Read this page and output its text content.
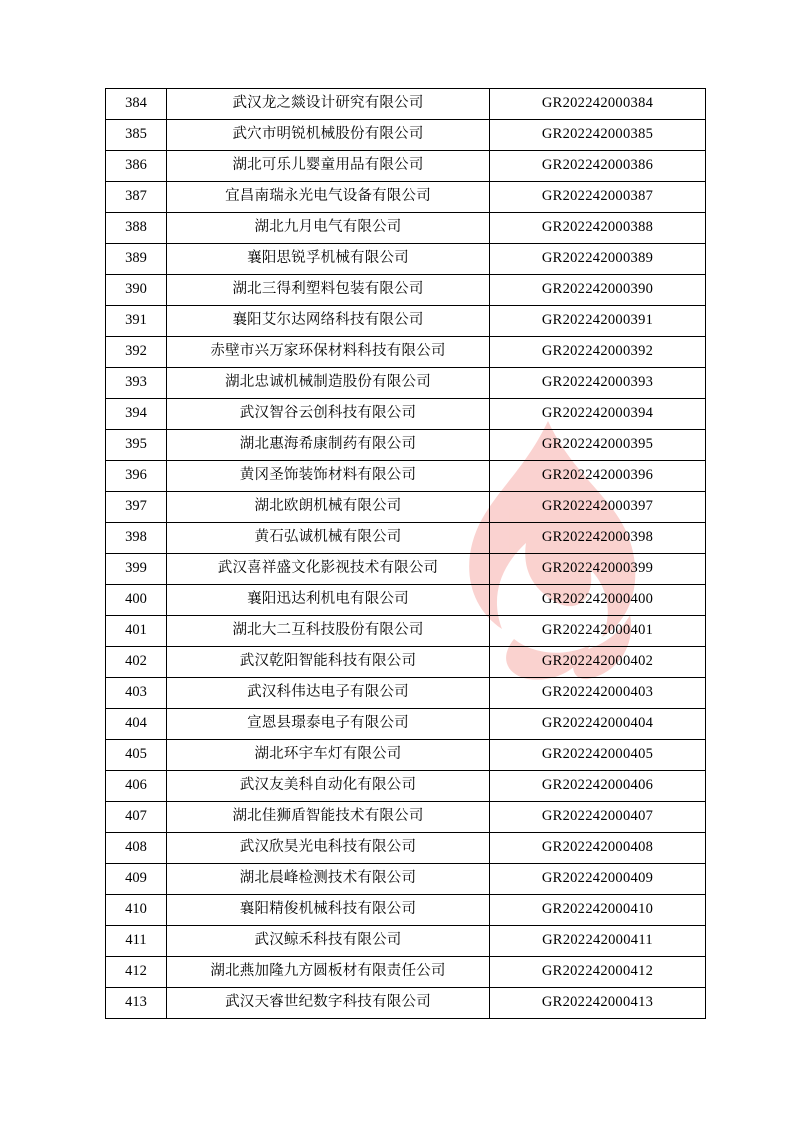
384	武汉龙之燚设计研究有限公司	GR202242000384
385	武穴市明锐机械股份有限公司	GR202242000385
386	湖北可乐儿婴童用品有限公司	GR202242000386
387	宜昌南瑞永光电气设备有限公司	GR202242000387
388	湖北九月电气有限公司	GR202242000388
389	襄阳思锐孚机械有限公司	GR202242000389
390	湖北三得利塑料包装有限公司	GR202242000390
391	襄阳艾尔达网络科技有限公司	GR202242000391
392	赤壁市兴万家环保材料科技有限公司	GR202242000392
393	湖北忠诚机械制造股份有限公司	GR202242000393
394	武汉智谷云创科技有限公司	GR202242000394
395	湖北惠海希康制药有限公司	GR202242000395
396	黄冈圣饰装饰材料有限公司	GR202242000396
397	湖北欧朗机械有限公司	GR202242000397
398	黄石弘诚机械有限公司	GR202242000398
399	武汉喜祥盛文化影视技术有限公司	GR202242000399
400	襄阳迅达利机电有限公司	GR202242000400
401	湖北大二互科技股份有限公司	GR202242000401
402	武汉乾阳智能科技有限公司	GR202242000402
403	武汉科伟达电子有限公司	GR202242000403
404	宣恩县璟泰电子有限公司	GR202242000404
405	湖北环宇车灯有限公司	GR202242000405
406	武汉友美科自动化有限公司	GR202242000406
407	湖北佳狮盾智能技术有限公司	GR202242000407
408	武汉欣昊光电科技有限公司	GR202242000408
409	湖北晨峰检测技术有限公司	GR202242000409
410	襄阳精俊机械科技有限公司	GR202242000410
411	武汉鲸禾科技有限公司	GR202242000411
412	湖北燕加隆九方圆板材有限责任公司	GR202242000412
413	武汉天睿世纪数字科技有限公司	GR202242000413
